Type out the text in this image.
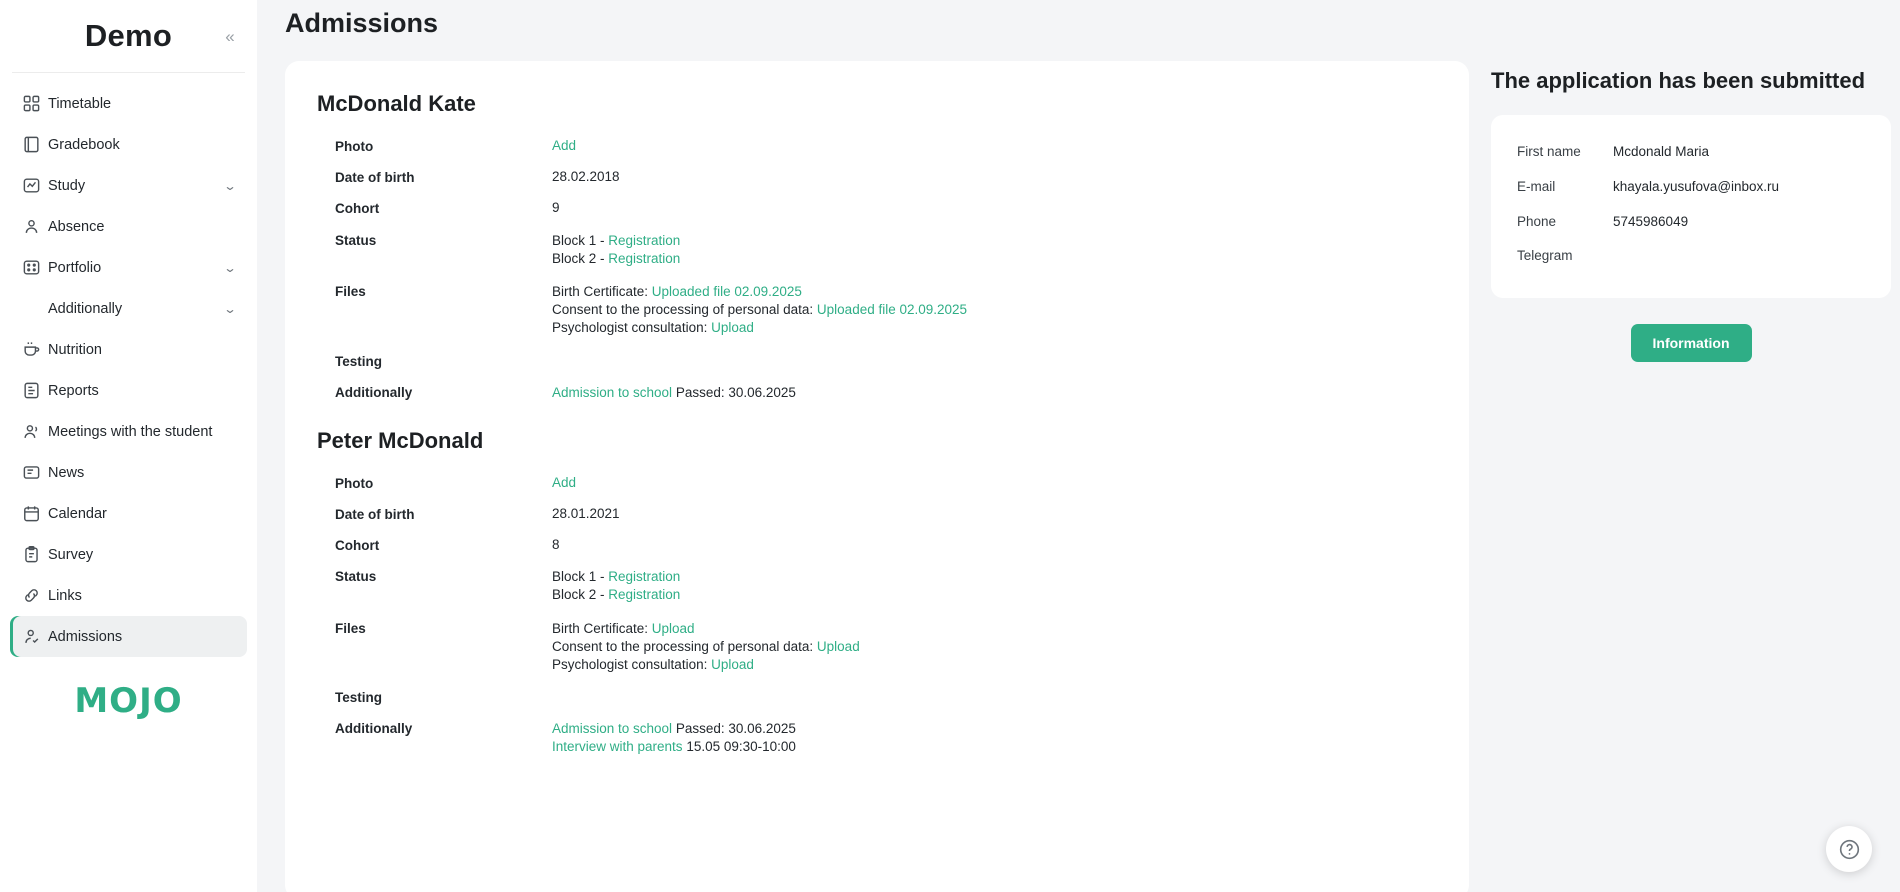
Demo	«
Timetable
Gradebook
Study	⌄
Absence
Portfolio	⌄
Additionally	⌄
Nutrition
Reports
Meetings with the student
News
Calendar
Survey
Links
Admissions
MOJO
Admissions
McDonald Kate
Photo	Add
Date of birth	28.02.2018
Cohort	9
Status	Block 1 - Registration
Block 2 - Registration
Files	Birth Certificate: Uploaded file 02.09.2025
Consent to the processing of personal data: Uploaded file 02.09.2025
Psychologist consultation: Upload
Testing
Additionally	Admission to school Passed: 30.06.2025
Peter McDonald
Photo	Add
Date of birth	28.01.2021
Cohort	8
Status	Block 1 - Registration
Block 2 - Registration
Files	Birth Certificate: Upload
Consent to the processing of personal data: Upload
Psychologist consultation: Upload
Testing
Additionally	Admission to school Passed: 30.06.2025
Interview with parents 15.05 09:30-10:00
The application has been submitted
First name	Mcdonald Maria
E-mail	khayala.yusufova@inbox.ru
Phone	5745986049
Telegram
Information
